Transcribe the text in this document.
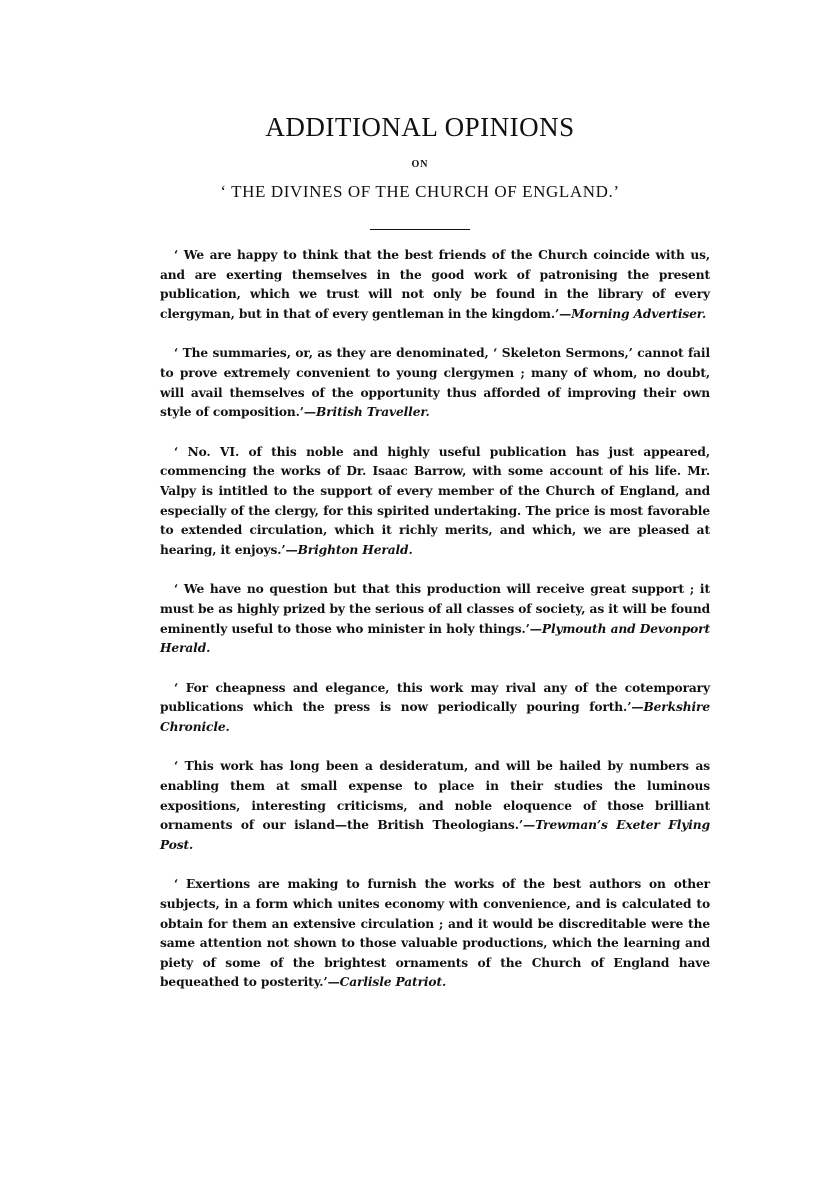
ADDITIONAL OPINIONS
ON
‘ THE DIVINES OF THE CHURCH OF ENGLAND.’

‘ We are happy to think that the best friends of the Church coincide with us, and are exerting themselves in the good work of patronising the present publication, which we trust will not only be found in the library of every clergyman, but in that of every gentleman in the kingdom.’—Morning Advertiser.

‘ The summaries, or, as they are denominated, ‘ Skeleton Sermons,’ cannot fail to prove extremely convenient to young clergymen ; many of whom, no doubt, will avail themselves of the opportunity thus afforded of improving their own style of composition.’—British Traveller.

‘ No. VI. of this noble and highly useful publication has just appeared, commencing the works of Dr. Isaac Barrow, with some account of his life. Mr. Valpy is intitled to the support of every member of the Church of England, and especially of the clergy, for this spirited undertaking. The price is most favorable to extended circulation, which it richly merits, and which, we are pleased at hearing, it enjoys.’—Brighton Herald.

‘ We have no question but that this production will receive great support ; it must be as highly prized by the serious of all classes of society, as it will be found eminently useful to those who minister in holy things.’—Plymouth and Devonport Herald.

‘ For cheapness and elegance, this work may rival any of the cotemporary publications which the press is now periodically pouring forth.’—Berkshire Chronicle.

‘ This work has long been a desideratum, and will be hailed by numbers as enabling them at small expense to place in their studies the luminous expositions, interesting criticisms, and noble eloquence of those brilliant ornaments of our island—the British Theologians.’—Trewman’s Exeter Flying Post.

‘ Exertions are making to furnish the works of the best authors on other subjects, in a form which unites economy with convenience, and is calculated to obtain for them an extensive circulation ; and it would be discreditable were the same attention not shown to those valuable productions, which the learning and piety of some of the brightest ornaments of the Church of England have bequeathed to posterity.’—Carlisle Patriot.
